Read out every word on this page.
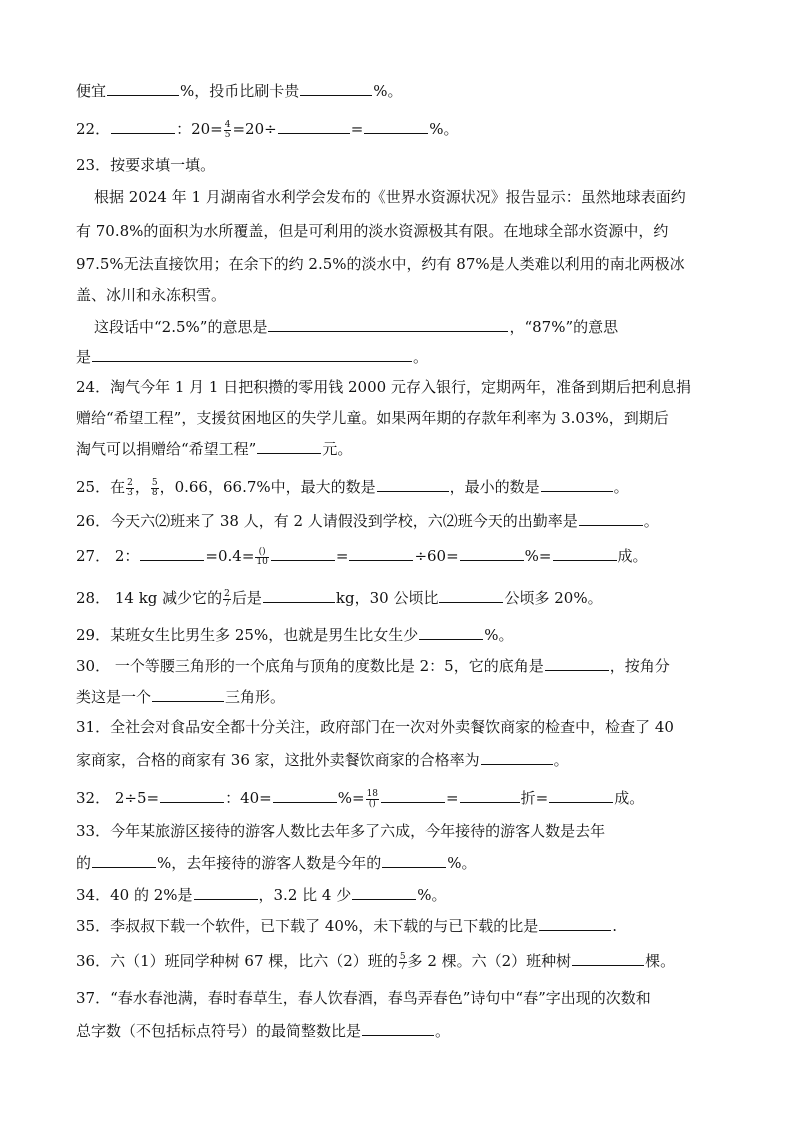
便宜	%，投币比刷卡贵	%。
22．	：$20= \frac{4}{5} =20\div$	=	%。
23．按要求填一填。
根据 2024 年 1 月湖南省水利学会发布的《世界水资源状况》报告显示：虽然地球表面约
有 70.8%的面积为水所覆盖，但是可利用的淡水资源极其有限。在地球全部水资源中，约
97.5%无法直接饮用；在余下的约 2.5%的淡水中，约有 87%是人类难以利用的南北两极冰
盖、冰川和永冻积雪。
这段话中“2.5%”的意思是	，“87%”的意思
是	。
24．淘气今年 1 月 1 日把积攒的零用钱 2000 元存入银行，定期两年，准备到期后把利息捐
赠给“希望工程”，支援贫困地区的失学儿童。如果两年期的存款年利率为 3.03%，到期后
淘气可以捐赠给“希望工程”	元。
25．在 $\frac{2}{3}$ ， $\frac{5}{8}$ ，0.66，66.7%中，最大的数是	，最小的数是	。
26．今天六⑵班来了 38 人，有 2 人请假没到学校，六⑵班今天的出勤率是	。
27． 2：	$=0.4= \frac{()}{10}$	=	÷60=	%=	成。
28． 14 kg 减少它的 $\frac{2}{7}$ 后是	kg，30 公顷比	公顷多 20%。
29．某班女生比男生多 25%，也就是男生比女生少	%。
30． 一个等腰三角形的一个底角与顶角的度数比是 2：5，它的底角是	，按角分
类这是一个	三角形。
31．全社会对食品安全都十分关注，政府部门在一次对外卖餐饮商家的检查中，检查了 40
家商家，合格的商家有 36 家，这批外卖餐饮商家的合格率为	。
32． 2÷5=	：40=	%= $\frac{18}{()}$	=	折=	成。
33．今年某旅游区接待的游客人数比去年多了六成，今年接待的游客人数是去年
的	%，去年接待的游客人数是今年的	%。
34．40 的 2%是	，3.2 比 4 少	%。
35．李叔叔下载一个软件，已下载了 40%，未下载的与已下载的比是	.
36．六（1）班同学种树 67 棵，比六（2）班的 $\frac{5}{7}$ 多 2 棵。六（2）班种树	棵。
37．“春水春池满，春时春草生，春人饮春酒，春鸟弄春色”诗句中“春”字出现的次数和
总字数（不包括标点符号）的最简整数比是	。
